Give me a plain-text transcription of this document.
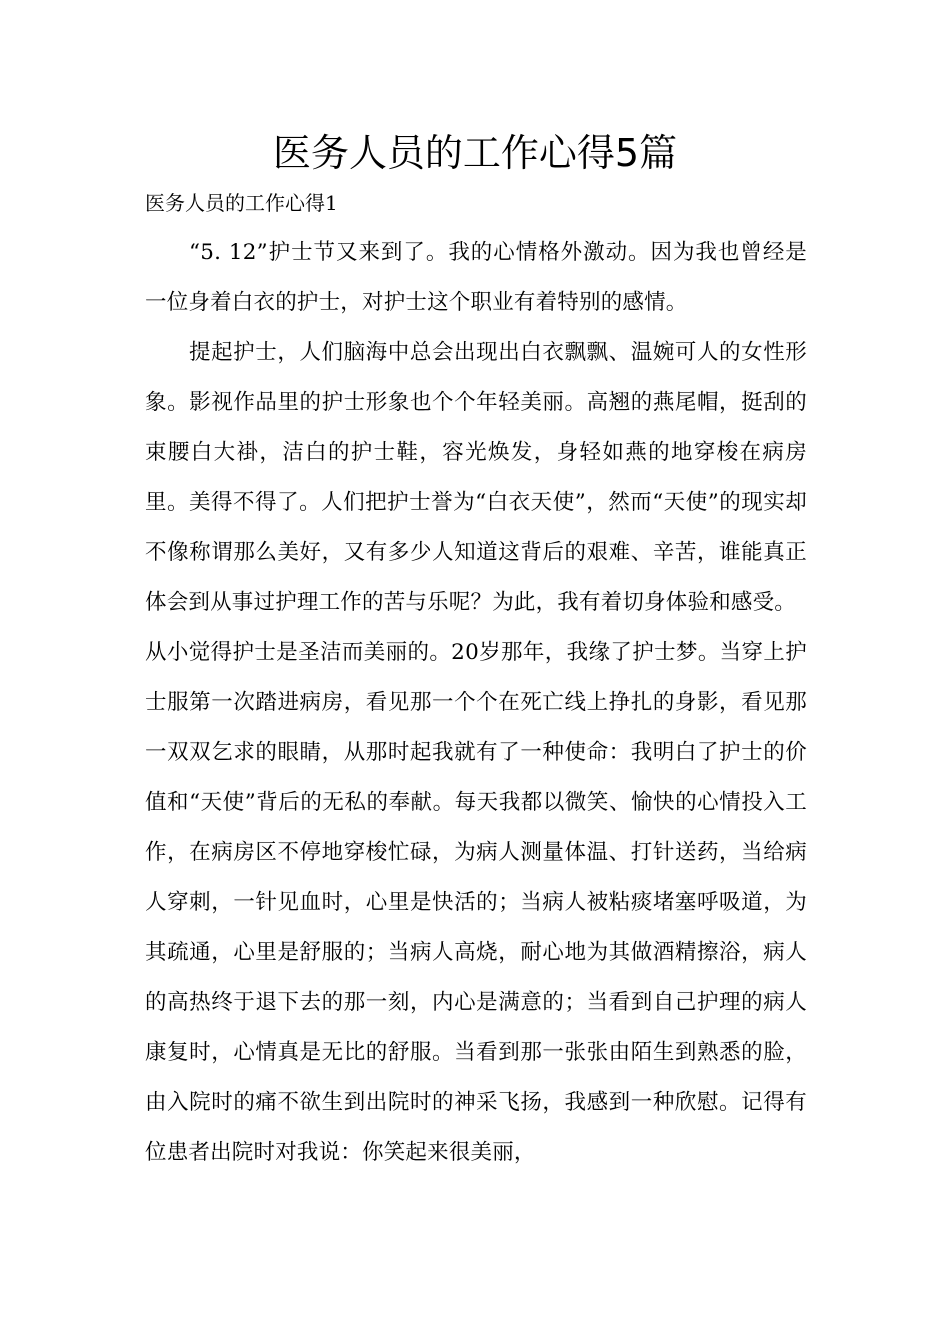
医务人员的工作心得5篇

医务人员的工作心得1

“5. 12”护士节又来到了。我的心情格外激动。因为我也曾经是一位身着白衣的护士，对护士这个职业有着特别的感情。

提起护士，人们脑海中总会出现出白衣飘飘、温婉可人的女性形象。影视作品里的护士形象也个个年轻美丽。高翘的燕尾帽，挺刮的束腰白大褂，洁白的护士鞋，容光焕发，身轻如燕的地穿梭在病房里。美得不得了。人们把护士誉为“白衣天使”，然而“天使”的现实却不像称谓那么美好，又有多少人知道这背后的艰难、辛苦，谁能真正体会到从事过护理工作的苦与乐呢？为此，我有着切身体验和感受。

从小觉得护士是圣洁而美丽的。20岁那年，我缘了护士梦。当穿上护士服第一次踏进病房，看见那一个个在死亡线上挣扎的身影，看见那一双双乞求的眼睛，从那时起我就有了一种使命：我明白了护士的价值和“天使”背后的无私的奉献。每天我都以微笑、愉快的心情投入工作，在病房区不停地穿梭忙碌，为病人测量体温、打针送药，当给病人穿刺，一针见血时，心里是快活的；当病人被粘痰堵塞呼吸道，为其疏通，心里是舒服的；当病人高烧，耐心地为其做酒精擦浴，病人的高热终于退下去的那一刻，内心是满意的；当看到自己护理的病人康复时，心情真是无比的舒服。当看到那一张张由陌生到熟悉的脸，由入院时的痛不欲生到出院时的神采飞扬，我感到一种欣慰。记得有位患者出院时对我说：你笑起来很美丽，
